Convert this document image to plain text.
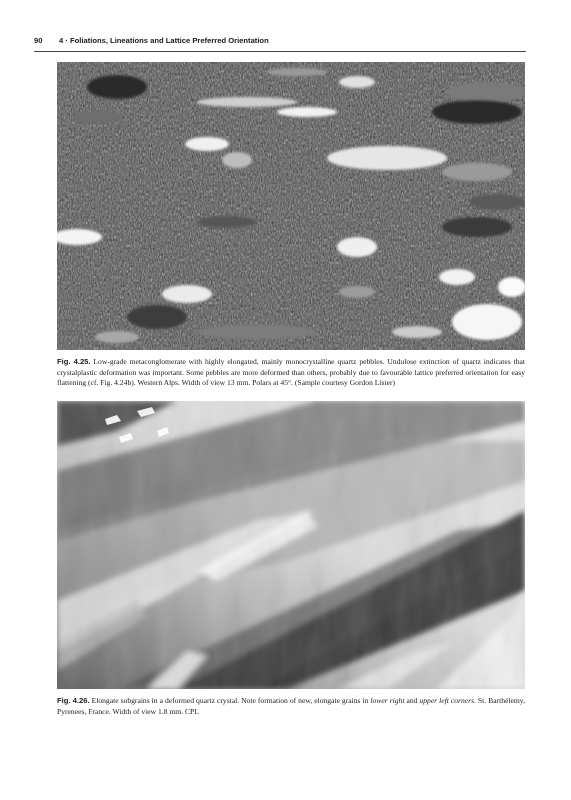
90 4 · Foliations, Lineations and Lattice Preferred Orientation
Fig. 4.25. Low-grade metaconglomerate with highly elongated, mainly monocrystalline quartz pebbles. Undulose extinction of quartz indicates that crystalplastic deformation was important. Some pebbles are more deformed than others, probably due to favourable lattice preferred orientation for easy flattening (cf. Fig. 4.24b). Western Alps. Width of view 13 mm. Polars at 45°. (Sample courtesy Gordon Lister)
Fig. 4.26. Elongate subgrains in a deformed quartz crystal. Note formation of new, elongate grains in lower right and upper left corners. St. Barthélemy, Pyrenees, France. Width of view 1.8 mm. CPL
